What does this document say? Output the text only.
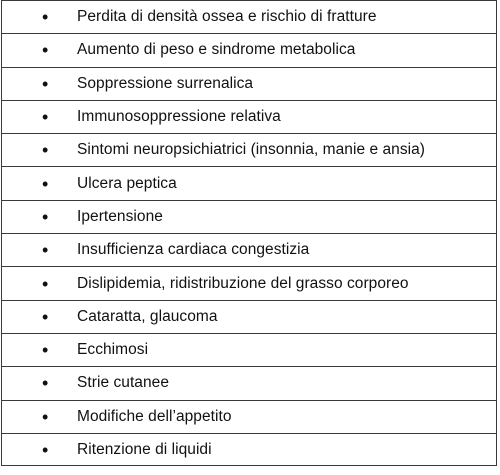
•	Perdita di densità ossea e rischio di fratture
•	Aumento di peso e sindrome metabolica
•	Soppressione surrenalica
•	Immunosoppressione relativa
•	Sintomi neuropsichiatrici (insonnia, manie e ansia)
•	Ulcera peptica
•	Ipertensione
•	Insufficienza cardiaca congestizia
•	Dislipidemia, ridistribuzione del grasso corporeo
•	Cataratta, glaucoma
•	Ecchimosi
•	Strie cutanee
•	Modifiche dell’appetito
•	Ritenzione di liquidi
